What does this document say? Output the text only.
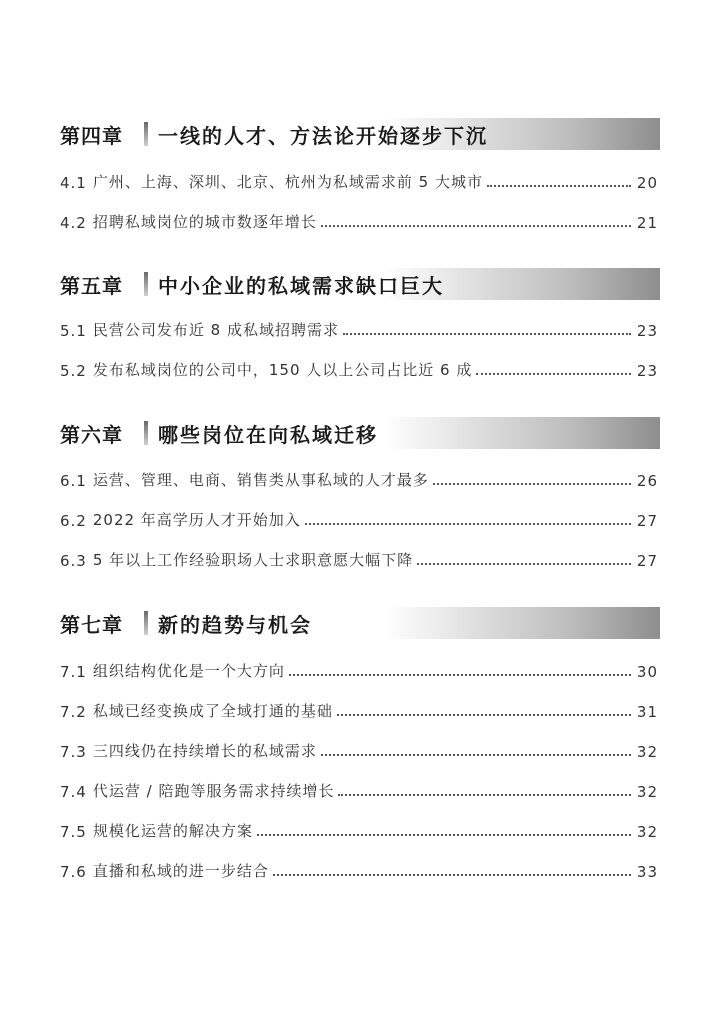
第四章	一线的人才、方法论开始逐步下沉
4.1 广州、上海、深圳、北京、杭州为私域需求前 5 大城市	20
4.2 招聘私域岗位的城市数逐年增长	21
第五章	中小企业的私域需求缺口巨大
5.1 民营公司发布近 8 成私域招聘需求	23
5.2 发布私域岗位的公司中，150 人以上公司占比近 6 成	23
第六章	哪些岗位在向私域迁移
6.1 运营、管理、电商、销售类从事私域的人才最多	26
6.2 2022 年高学历人才开始加入	27
6.3 5 年以上工作经验职场人士求职意愿大幅下降	27
第七章	新的趋势与机会
7.1 组织结构优化是一个大方向	30
7.2 私域已经变换成了全域打通的基础	31
7.3 三四线仍在持续增长的私域需求	32
7.4 代运营 / 陪跑等服务需求持续增长	32
7.5 规模化运营的解决方案	32
7.6 直播和私域的进一步结合	33
